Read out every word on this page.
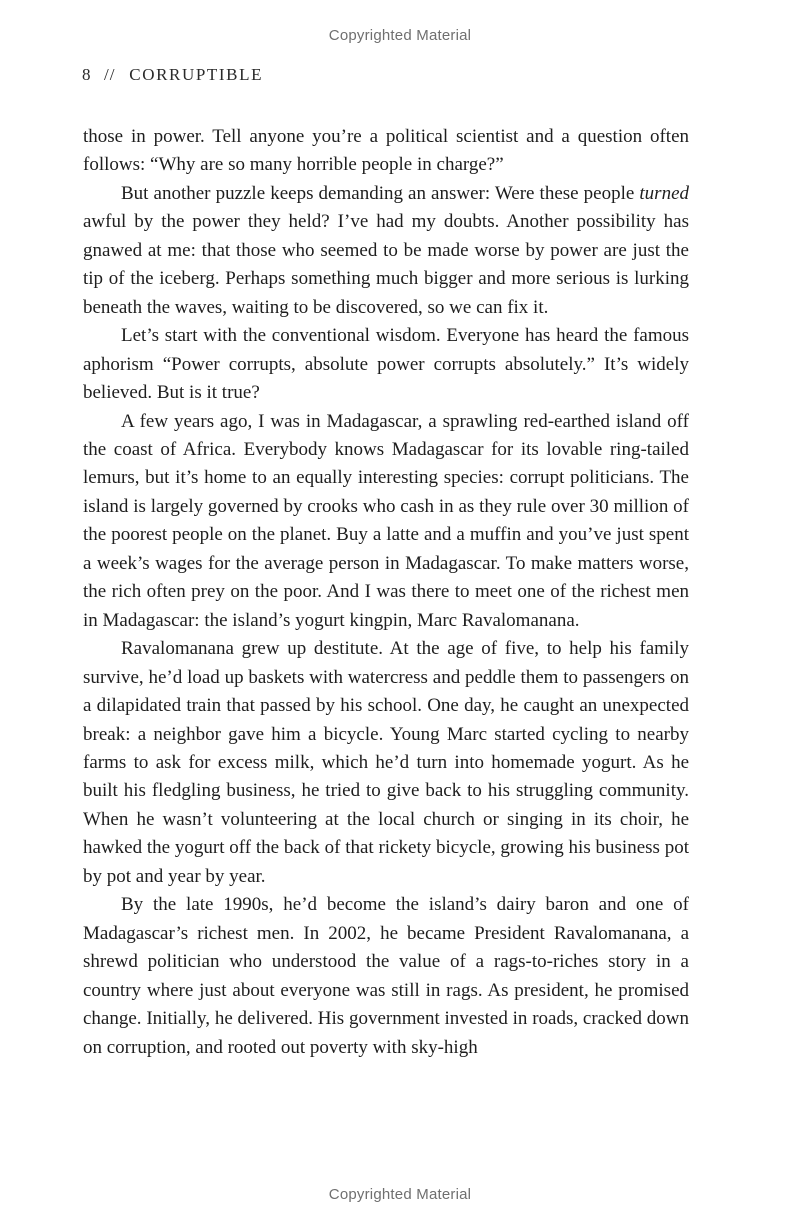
Copyrighted Material
8 // CORRUPTIBLE

those in power. Tell anyone you’re a political scientist and a question often follows: “Why are so many horrible people in charge?”

But another puzzle keeps demanding an answer: Were these people turned awful by the power they held? I’ve had my doubts. Another possibility has gnawed at me: that those who seemed to be made worse by power are just the tip of the iceberg. Perhaps something much bigger and more serious is lurking beneath the waves, waiting to be discovered, so we can fix it.

Let’s start with the conventional wisdom. Everyone has heard the famous aphorism “Power corrupts, absolute power corrupts absolutely.” It’s widely believed. But is it true?

A few years ago, I was in Madagascar, a sprawling red-earthed island off the coast of Africa. Everybody knows Madagascar for its lovable ring-tailed lemurs, but it’s home to an equally interesting species: corrupt politicians. The island is largely governed by crooks who cash in as they rule over 30 million of the poorest people on the planet. Buy a latte and a muffin and you’ve just spent a week’s wages for the average person in Madagascar. To make matters worse, the rich often prey on the poor. And I was there to meet one of the richest men in Madagascar: the island’s yogurt kingpin, Marc Ravalomanana.

Ravalomanana grew up destitute. At the age of five, to help his family survive, he’d load up baskets with watercress and peddle them to passengers on a dilapidated train that passed by his school. One day, he caught an unexpected break: a neighbor gave him a bicycle. Young Marc started cycling to nearby farms to ask for excess milk, which he’d turn into homemade yogurt. As he built his fledgling business, he tried to give back to his struggling community. When he wasn’t volunteering at the local church or singing in its choir, he hawked the yogurt off the back of that rickety bicycle, growing his business pot by pot and year by year.

By the late 1990s, he’d become the island’s dairy baron and one of Madagascar’s richest men. In 2002, he became President Ravalomanana, a shrewd politician who understood the value of a rags-to-riches story in a country where just about everyone was still in rags. As president, he promised change. Initially, he delivered. His government invested in roads, cracked down on corruption, and rooted out poverty with sky-high

Copyrighted Material
